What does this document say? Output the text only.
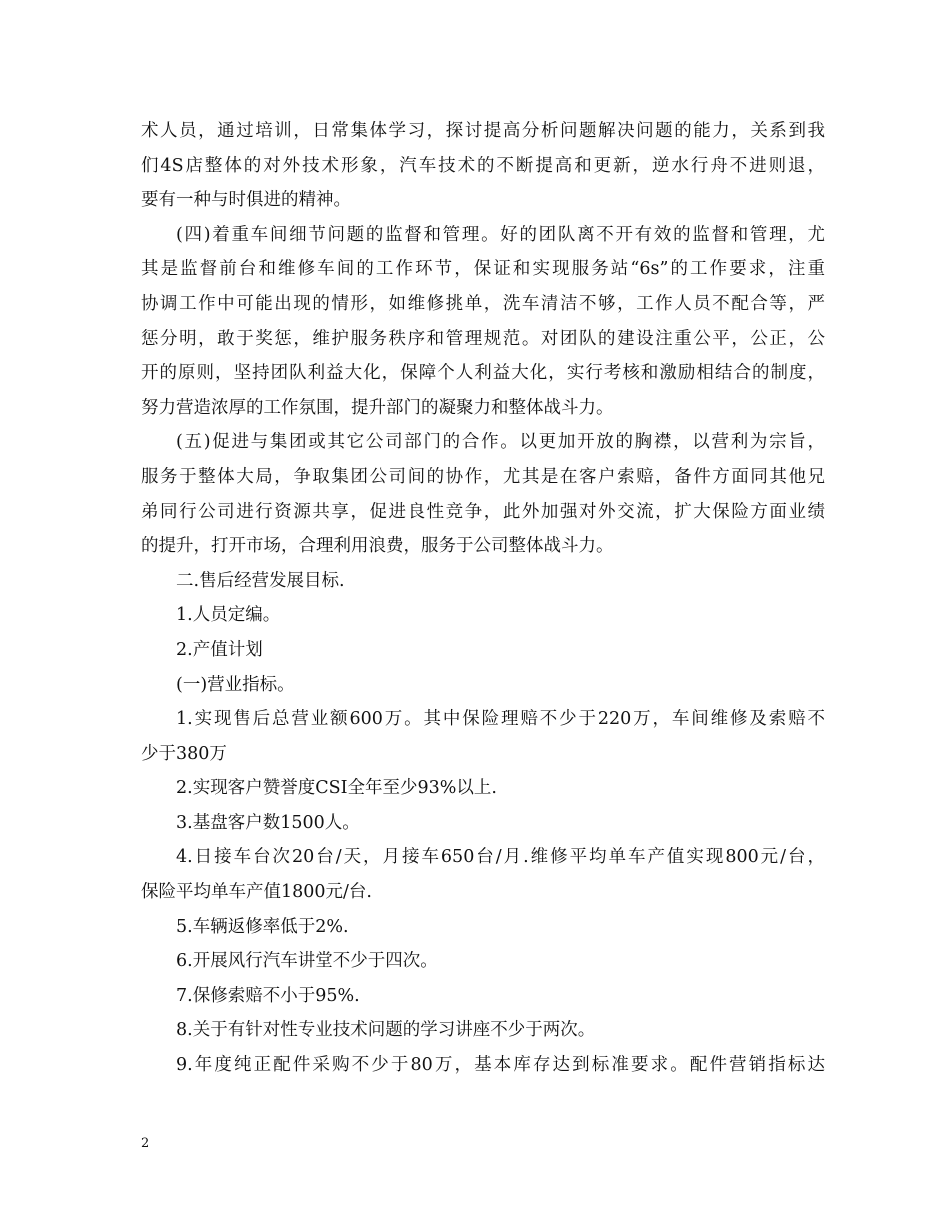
术人员，通过培训，日常集体学习，探讨提高分析问题解决问题的能力，关系到我
们4S店整体的对外技术形象，汽车技术的不断提高和更新，逆水行舟不进则退，
要有一种与时俱进的精神。
(四)着重车间细节问题的监督和管理。好的团队离不开有效的监督和管理，尤
其是监督前台和维修车间的工作环节，保证和实现服务站“6s”的工作要求，注重
协调工作中可能出现的情形，如维修挑单，洗车清洁不够，工作人员不配合等，严
惩分明，敢于奖惩，维护服务秩序和管理规范。对团队的建设注重公平，公正，公
开的原则，坚持团队利益大化，保障个人利益大化，实行考核和激励相结合的制度，
努力营造浓厚的工作氛围，提升部门的凝聚力和整体战斗力。
(五)促进与集团或其它公司部门的合作。以更加开放的胸襟，以营利为宗旨，
服务于整体大局，争取集团公司间的协作，尤其是在客户索赔，备件方面同其他兄
弟同行公司进行资源共享，促进良性竞争，此外加强对外交流，扩大保险方面业绩
的提升，打开市场，合理利用浪费，服务于公司整体战斗力。
二.售后经营发展目标.
1.人员定编。
2.产值计划
(一)营业指标。
1.实现售后总营业额600万。其中保险理赔不少于220万，车间维修及索赔不
少于380万
2.实现客户赞誉度CSI全年至少93%以上.
3.基盘客户数1500人。
4.日接车台次20台/天，月接车650台/月.维修平均单车产值实现800元/台，
保险平均单车产值1800元/台.
5.车辆返修率低于2%.
6.开展风行汽车讲堂不少于四次。
7.保修索赔不小于95%.
8.关于有针对性专业技术问题的学习讲座不少于两次。
9.年度纯正配件采购不少于80万，基本库存达到标准要求。配件营销指标达
2
